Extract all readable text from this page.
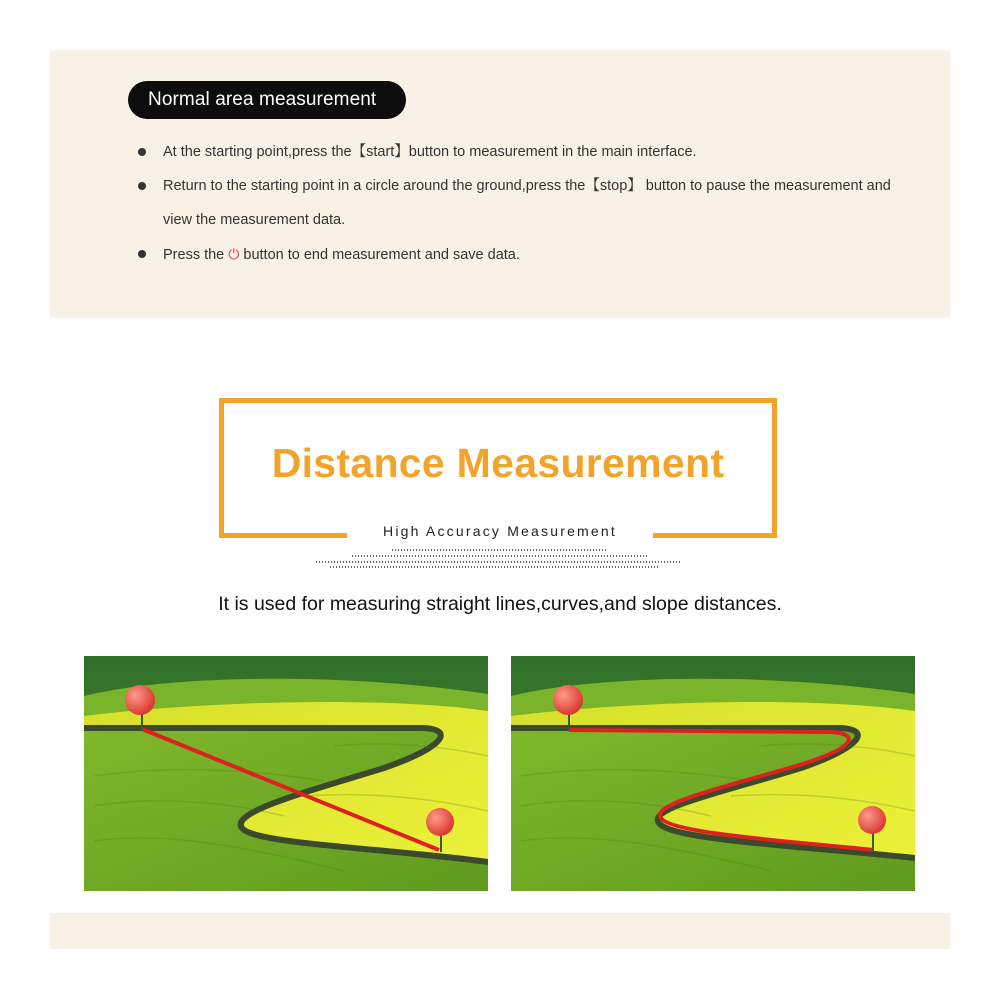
Normal area measurement
At the starting point,press the【start】button to measurement in the main interface.
Return to the starting point in a circle around the ground,press the【stop】 button to pause the measurement and view the measurement data.
Press the ⏻ button to end measurement and save data.
Distance Measurement
High Accuracy Measurement
It is used for measuring straight lines,curves,and slope distances.
